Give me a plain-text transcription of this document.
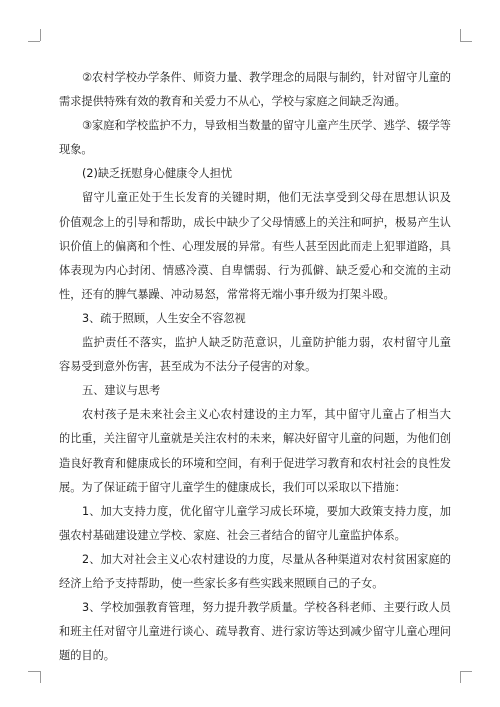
②农村学校办学条件、师资力量、教学理念的局限与制约，针对留守儿童的需求提供特殊有效的教育和关爱力不从心，学校与家庭之间缺乏沟通。

③家庭和学校监护不力，导致相当数量的留守儿童产生厌学、逃学、辍学等现象。

(2)缺乏抚慰身心健康令人担忧

留守儿童正处于生长发育的关键时期，他们无法享受到父母在思想认识及价值观念上的引导和帮助，成长中缺少了父母情感上的关注和呵护，极易产生认识价值上的偏离和个性、心理发展的异常。有些人甚至因此而走上犯罪道路，具体表现为内心封闭、情感冷漠、自卑懦弱、行为孤僻、缺乏爱心和交流的主动性，还有的脾气暴躁、冲动易怒，常常将无端小事升级为打架斗殴。

3、疏于照顾，人生安全不容忽视

监护责任不落实，监护人缺乏防范意识，儿童防护能力弱，农村留守儿童容易受到意外伤害，甚至成为不法分子侵害的对象。

五、建议与思考

农村孩子是未来社会主义心农村建设的主力军，其中留守儿童占了相当大的比重，关注留守儿童就是关注农村的未来，解决好留守儿童的问题，为他们创造良好教育和健康成长的环境和空间，有利于促进学习教育和农村社会的良性发展。为了保证疏于留守儿童学生的健康成长，我们可以采取以下措施：

1、加大支持力度，优化留守儿童学习成长环境，要加大政策支持力度，加强农村基础建设建立学校、家庭、社会三者结合的留守儿童监护体系。

2、加大对社会主义心农村建设的力度，尽量从各种渠道对农村贫困家庭的经济上给予支持帮助，使一些家长多有些实践来照顾自己的子女。

3、学校加强教育管理，努力提升教学质量。学校各科老师、主要行政人员和班主任对留守儿童进行谈心、疏导教育、进行家访等达到减少留守儿童心理问题的目的。
